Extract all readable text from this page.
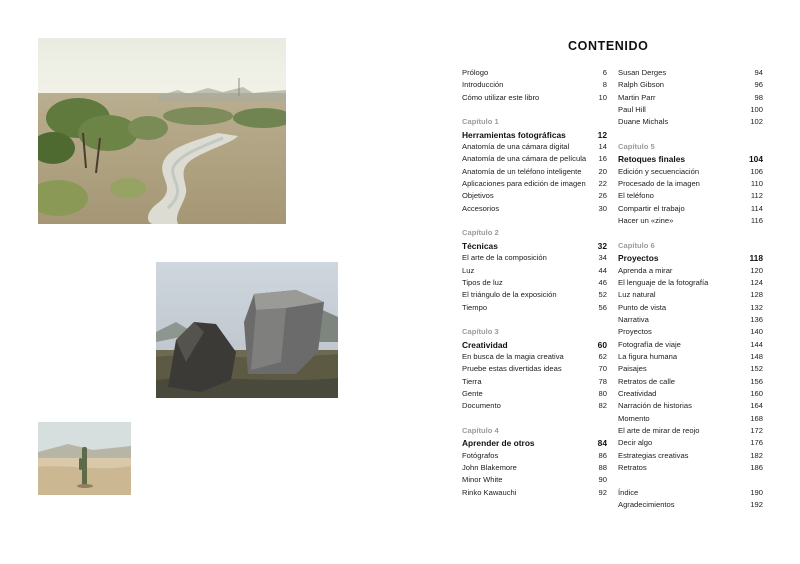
CONTENIDO
Prólogo	6
Introducción	8
Cómo utilizar este libro	10
Capítulo 1
Herramientas fotográficas	12
Anatomía de una cámara digital	14
Anatomía de una cámara de película	16
Anatomía de un teléfono inteligente	20
Aplicaciones para edición de imagen	22
Objetivos	26
Accesorios	30
Capítulo 2
Técnicas	32
El arte de la composición	34
Luz	44
Tipos de luz	46
El triángulo de la exposición	52
Tiempo	56
Capítulo 3
Creatividad	60
En busca de la magia creativa	62
Pruebe estas divertidas ideas	70
Tierra	78
Gente	80
Documento	82
Capítulo 4
Aprender de otros	84
Fotógrafos	86
John Blakemore	88
Minor White	90
Rinko Kawauchi	92
Susan Derges	94
Ralph Gibson	96
Martin Parr	98
Paul Hill	100
Duane Michals	102
Capítulo 5
Retoques finales	104
Edición y secuenciación	106
Procesado de la imagen	110
El teléfono	112
Compartir el trabajo	114
Hacer un «zine»	116
Capítulo 6
Proyectos	118
Aprenda a mirar	120
El lenguaje de la fotografía	124
Luz natural	128
Punto de vista	132
Narrativa	136
Proyectos	140
Fotografía de viaje	144
La figura humana	148
Paisajes	152
Retratos de calle	156
Creatividad	160
Narración de historias	164
Momento	168
El arte de mirar de reojo	172
Decir algo	176
Estrategias creativas	182
Retratos	186
Índice	190
Agradecimientos	192
